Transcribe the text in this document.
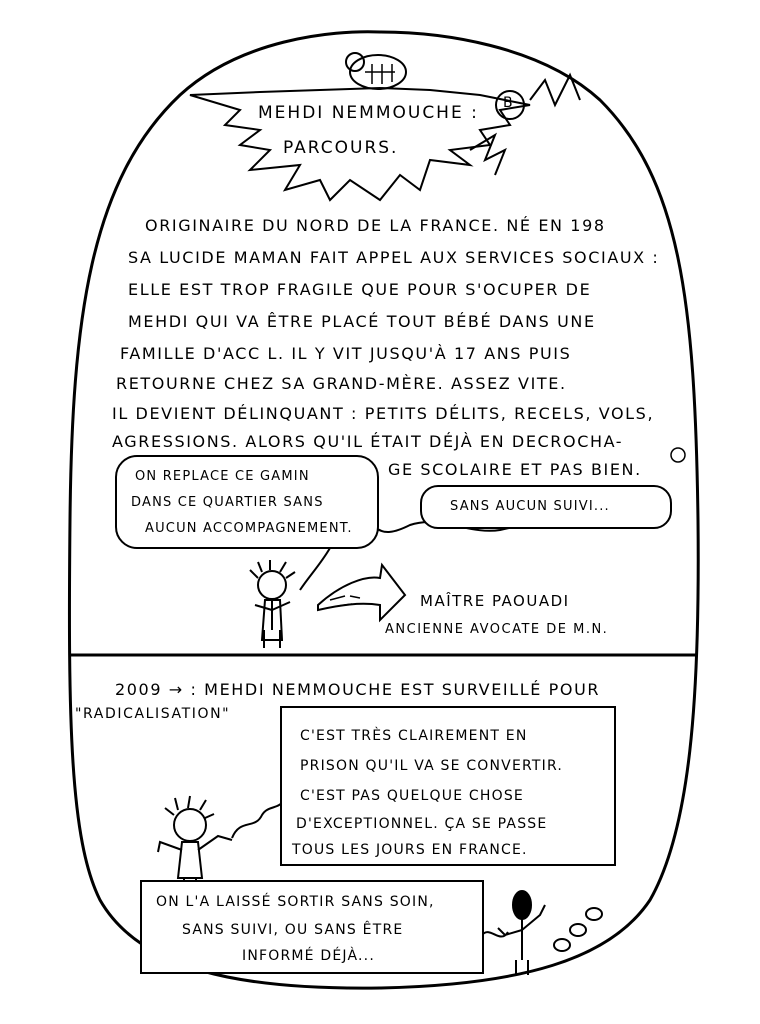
MEHDI NEMMOUCHE :
PARCOURS.
B
ORIGINAIRE DU NORD DE LA FRANCE. NÉ EN 198
SA LUCIDE MAMAN FAIT APPEL AUX SERVICES SOCIAUX :
ELLE EST TROP FRAGILE QUE POUR S'OCUPER DE
MEHDI QUI VA ÊTRE PLACÉ TOUT BÉBÉ DANS UNE
FAMILLE D'ACC L. IL Y VIT JUSQU'À 17 ANS PUIS
RETOURNE CHEZ SA GRAND-MÈRE. ASSEZ VITE.
IL DEVIENT DÉLINQUANT : PETITS DÉLITS, RECELS, VOLS,
AGRESSIONS. ALORS QU'IL ÉTAIT DÉJÀ EN DECROCHA-
GE SCOLAIRE ET PAS BIEN.
ON REPLACE CE GAMIN
DANS CE QUARTIER SANS
AUCUN ACCOMPAGNEMENT.
SANS AUCUN SUIVI...
MAÎTRE PAOUADI
ANCIENNE AVOCATE DE M.N.
2009 → : MEHDI NEMMOUCHE EST SURVEILLÉ POUR
"RADICALISATION"
C'EST TRÈS CLAIREMENT EN
PRISON QU'IL VA SE CONVERTIR.
C'EST PAS QUELQUE CHOSE
D'EXCEPTIONNEL. ÇA SE PASSE
TOUS LES JOURS EN FRANCE.
ON L'A LAISSÉ SORTIR SANS SOIN,
SANS SUIVI, OU SANS ÊTRE
INFORMÉ DÉJÀ...
